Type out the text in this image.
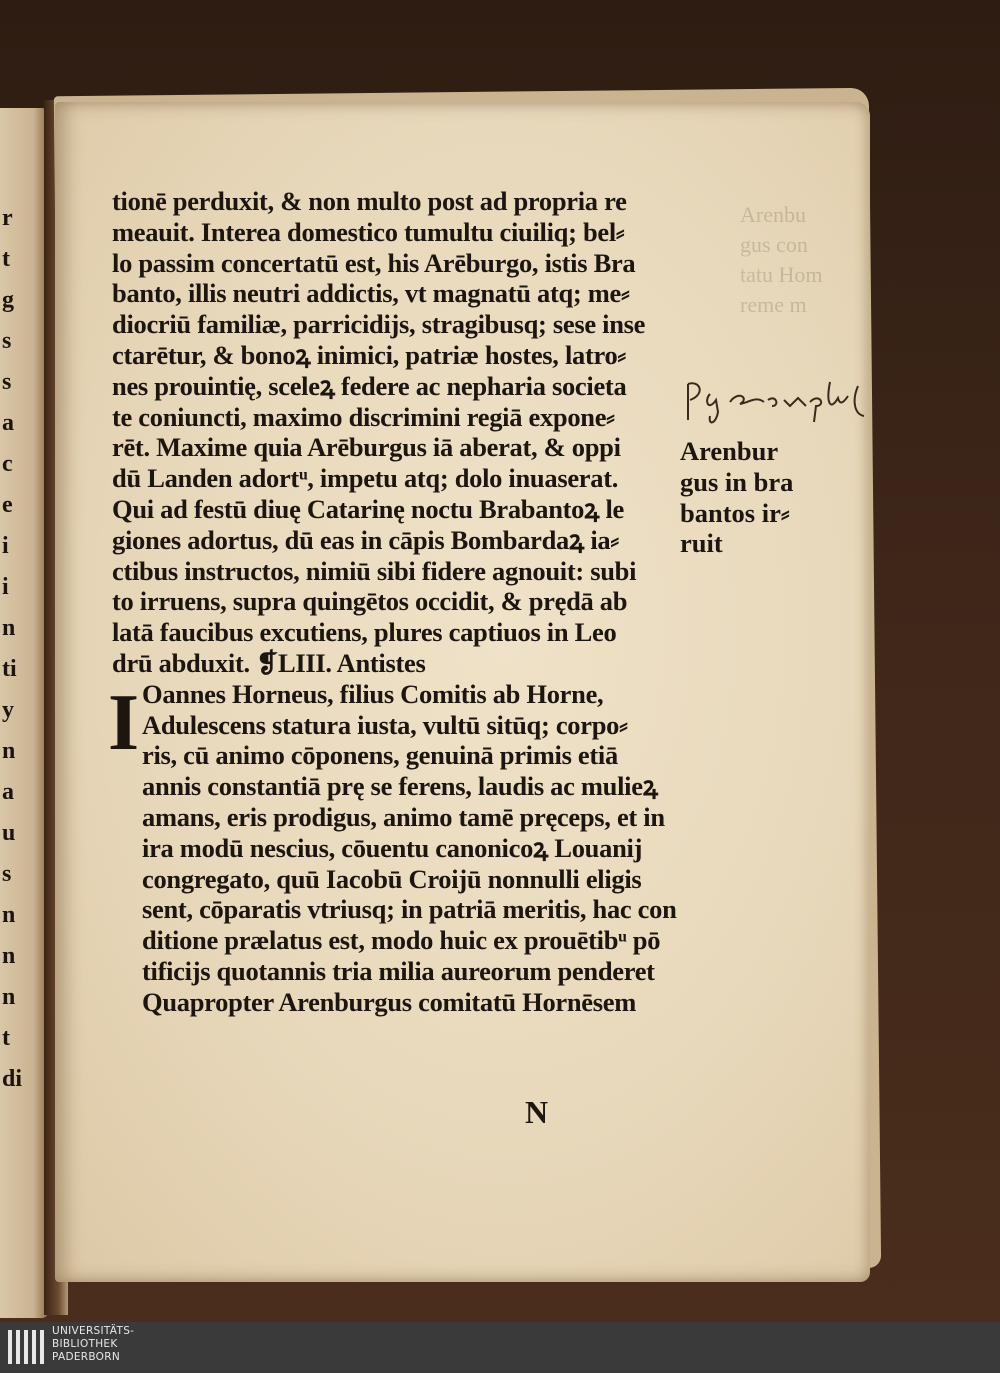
r
t
g
s
s
a
c
e
i
i
n
ti
y
n
a
u
s
n
n
n
t
di
Arenbu
gus con
tatu Hom
reme m
tionē perduxit, & non multo post ad propria re
meauit. Interea domestico tumultu ciuiliq; bel⸗
lo passim concertatū est, his Arēburgo, istis Bra
banto, illis neutri addictis, vt magnatū atq; me⸗
diocriū familiæ, parricidijs, stragibusq; sese inse
ctarētur, & bonoꝝ inimici, patriæ hostes, latro⸗
nes prouintię, sceleꝝ federe ac nepharia societa
te coniuncti, maximo discrimini regiā expone⸗
rēt. Maxime quia Arēburgus iā aberat, & oppi
dū Landen adortᵘ, impetu atq; dolo inuaserat.
Qui ad festū diuę Catarinę noctu Brabantoꝝ le
giones adortus, dū eas in cāpis Bombardaꝝ ia⸗
ctibus instructos, nimiū sibi fidere agnouit: subi
to irruens, supra quingētos occidit, & prędā ab
latā faucibus excutiens, plures captiuos in Leo
drū abduxit. ❡LIII. Antistes
I Oannes Horneus, filius Comitis ab Horne,
Adulescens statura iusta, vultū sitūq; corpo⸗
ris, cū animo cōponens, genuinā primis etiā
annis constantiā prę se ferens, laudis ac mulieꝝ
amans, eris prodigus, animo tamē pręceps, et in
ira modū nescius, cōuentu canonicoꝝ Louanij
congregato, quū Iacobū Croijū nonnulli eligis
sent, cōparatis vtriusq; in patriā meritis, hac con
ditione prælatus est, modo huic ex prouētibᵘ pō
tificijs quotannis tria milia aureorum penderet
Quapropter Arenburgus comitatū Hornēsem
Arenbur
gus in bra
bantos ir⸗
ruit
N
UNIVERSITÄTS-
BIBLIOTHEK
PADERBORN
